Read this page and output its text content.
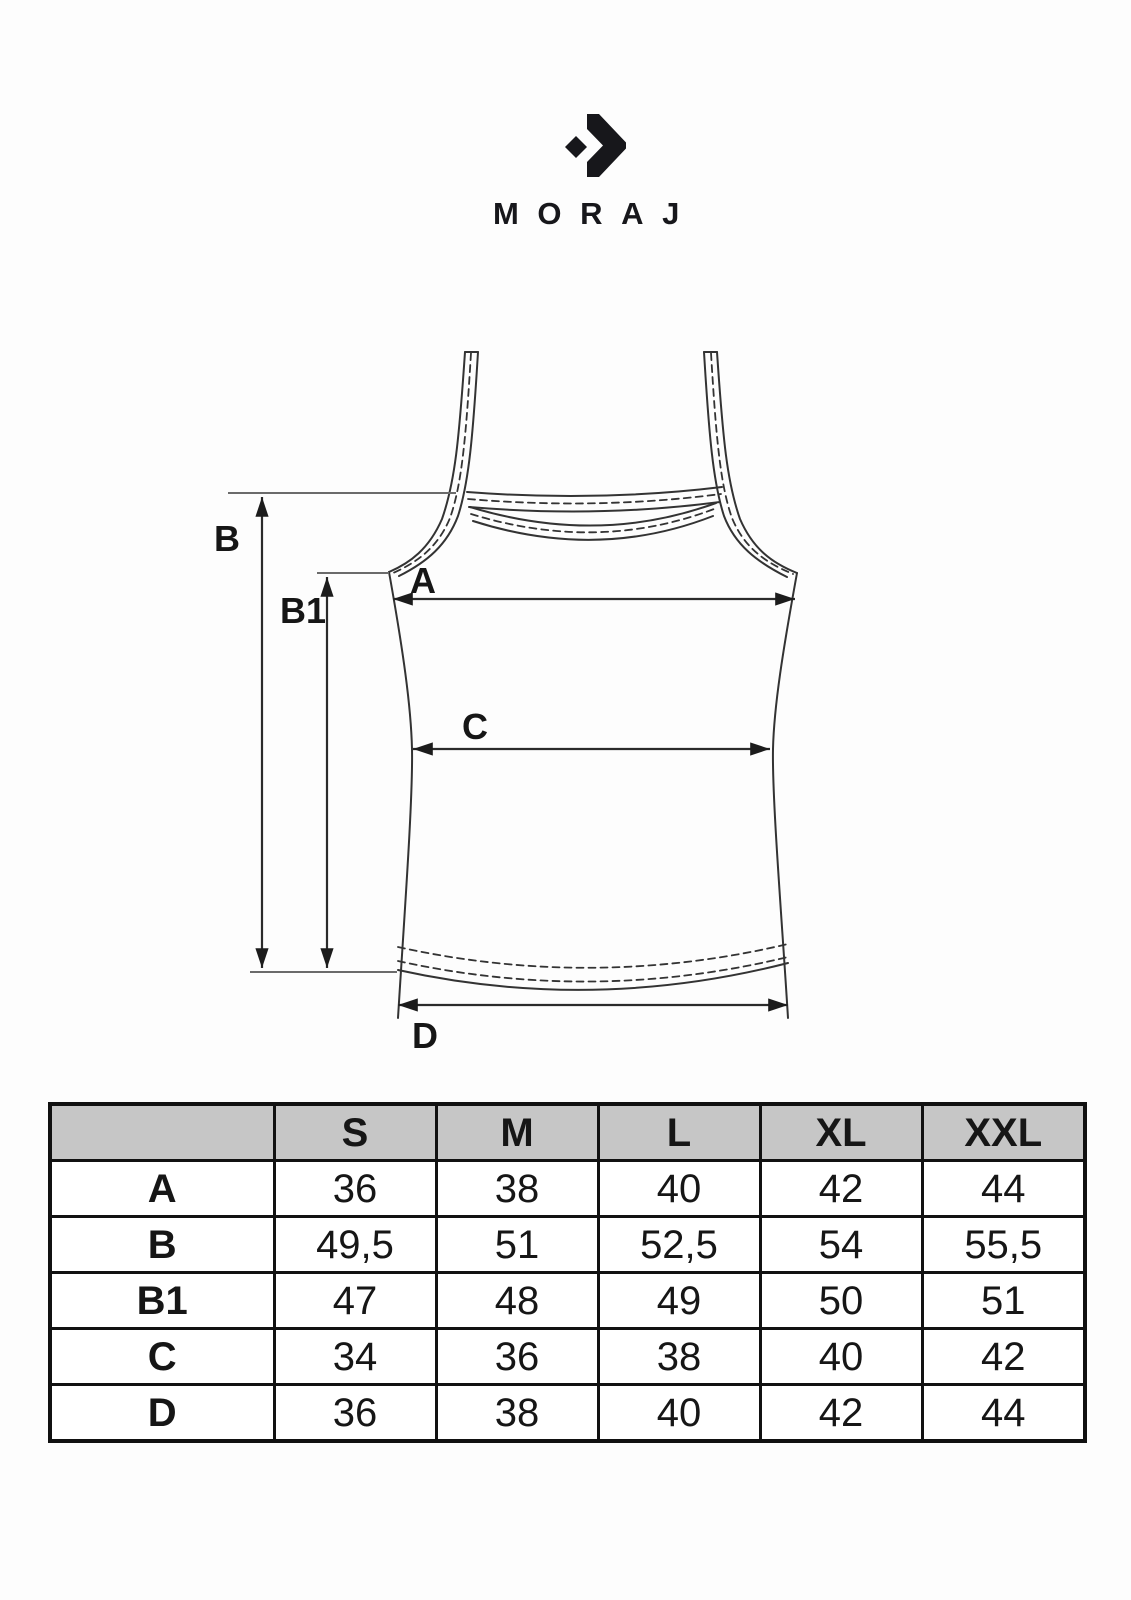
MORAJ
B
B1
A
C
D
	S	M	L	XL	XXL
A	36	38	40	42	44
B	49,5	51	52,5	54	55,5
B1	47	48	49	50	51
C	34	36	38	40	42
D	36	38	40	42	44
